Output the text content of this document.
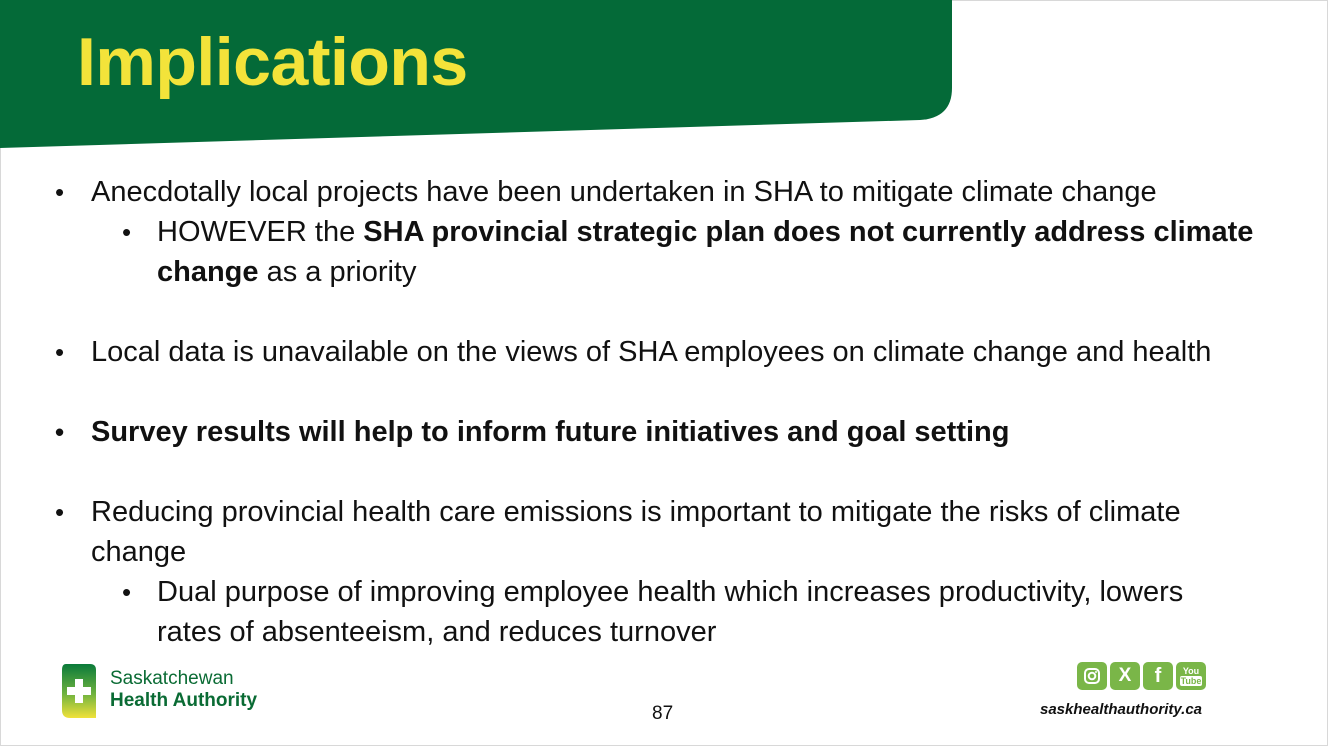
Implications
• Anecdotally local projects have been undertaken in SHA to mitigate climate change
• HOWEVER the SHA provincial strategic plan does not currently address climate
change as a priority
• Local data is unavailable on the views of SHA employees on climate change and health
• Survey results will help to inform future initiatives and goal setting
• Reducing provincial health care emissions is important to mitigate the risks of climate
change
• Dual purpose of improving employee health which increases productivity, lowers
rates of absenteeism, and reduces turnover
Saskatchewan
Health Authority
87
X f You
Tube
saskhealthauthority.ca
